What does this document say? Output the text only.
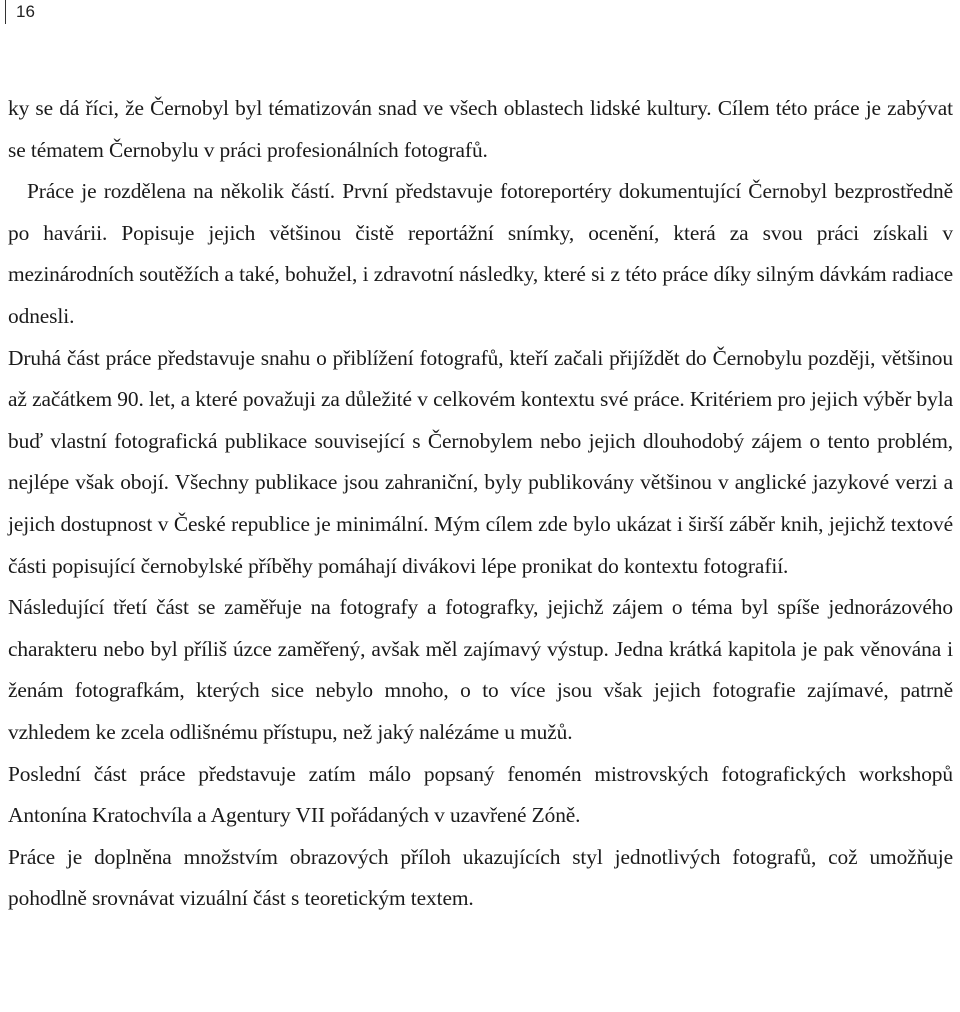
16

ky se dá říci, že Černobyl byl tématizován snad ve všech oblastech lidské kultury. Cílem této práce je zabývat se tématem Černobylu v práci profesionálních fotografů.

Práce je rozdělena na několik částí. První představuje fotoreportéry dokumentující Černobyl bezprostředně po havárii. Popisuje jejich většinou čistě reportážní snímky, ocenění, která za svou práci získali v mezinárodních soutěžích a také, bohužel, i zdravotní následky, které si z této práce díky silným dávkám radiace odnesli.

Druhá část práce představuje snahu o přiblížení fotografů, kteří začali přijíždět do Černobylu později, většinou až začátkem 90. let, a které považuji za důležité v celkovém kontextu své práce. Kritériem pro jejich výběr byla buď vlastní fotografická publikace související s Černobylem nebo jejich dlouhodobý zájem o tento problém, nejlépe však obojí. Všechny publikace jsou zahraniční, byly publikovány většinou v anglické jazykové verzi a jejich dostupnost v České republice je minimální. Mým cílem zde bylo ukázat i širší záběr knih, jejichž textové části popisující černobylské příběhy pomáhají divákovi lépe pronikat do kontextu fotografií.

Následující třetí část se zaměřuje na fotografy a fotografky, jejichž zájem o téma byl spíše jednorázového charakteru nebo byl příliš úzce zaměřený, avšak měl zajímavý výstup. Jedna krátká kapitola je pak věnována i ženám fotografkám, kterých sice nebylo mnoho, o to více jsou však jejich fotografie zajímavé, patrně vzhledem ke zcela odlišnému přístupu, než jaký nalézáme u mužů.

Poslední část práce představuje zatím málo popsaný fenomén mistrovských fotografických workshopů Antonína Kratochvíla a Agentury VII pořádaných v uzavřené Zóně.

Práce je doplněna množstvím obrazových příloh ukazujících styl jednotlivých fotografů, což umožňuje pohodlně srovnávat vizuální část s teoretickým textem.
